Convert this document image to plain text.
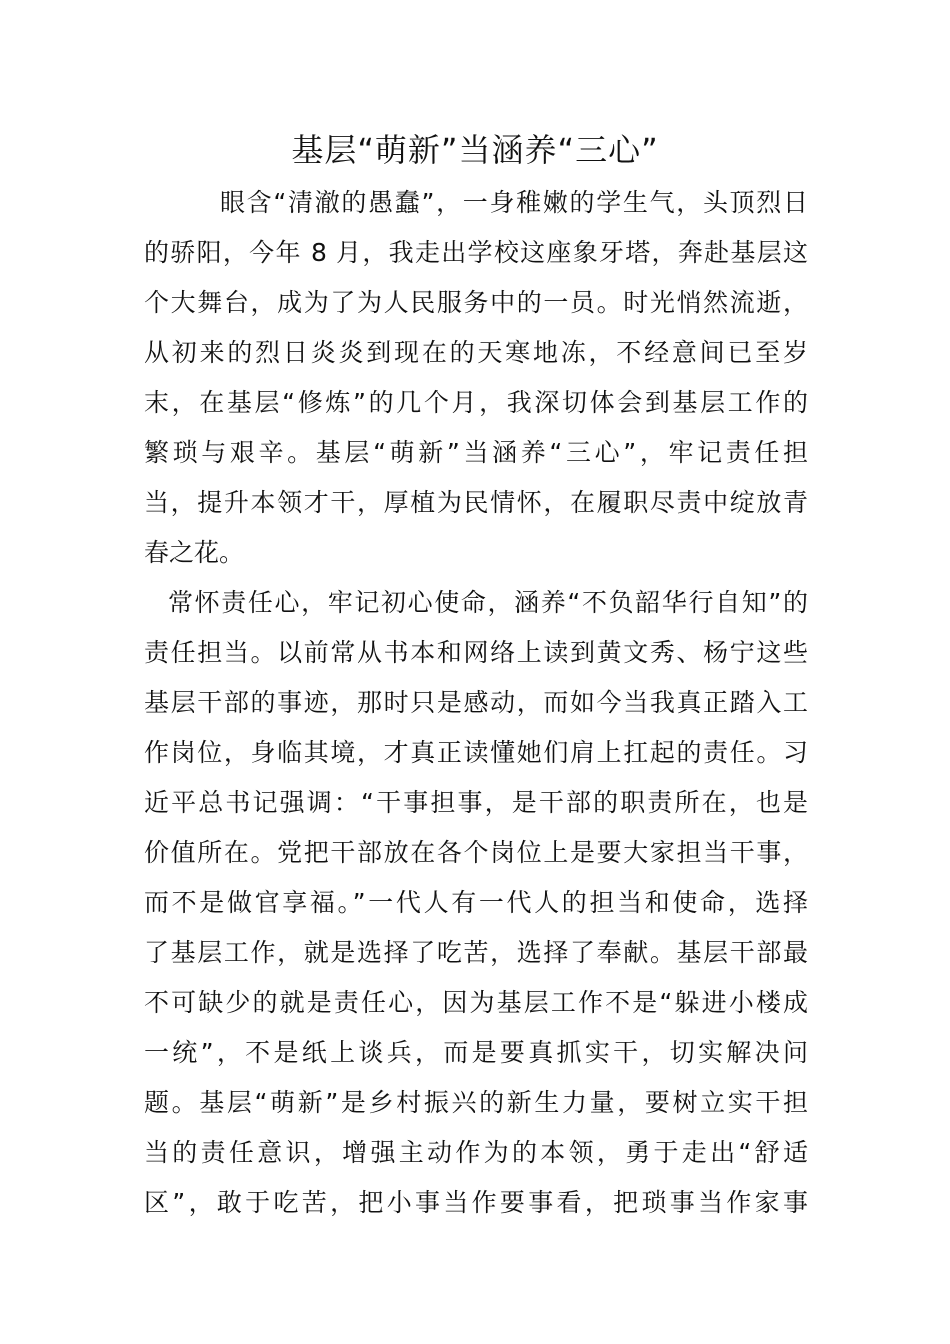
基层“萌新”当涵养“三心”
眼含“清澈的愚蠢”，一身稚嫩的学生气，头顶烈日
的骄阳，今年 8 月，我走出学校这座象牙塔，奔赴基层这
个大舞台，成为了为人民服务中的一员。时光悄然流逝，
从初来的烈日炎炎到现在的天寒地冻，不经意间已至岁
末，在基层“修炼”的几个月，我深切体会到基层工作的
繁琐与艰辛。基层“萌新”当涵养“三心”，牢记责任担
当，提升本领才干，厚植为民情怀，在履职尽责中绽放青
春之花。
常怀责任心，牢记初心使命，涵养“不负韶华行自知”的
责任担当。以前常从书本和网络上读到黄文秀、杨宁这些
基层干部的事迹，那时只是感动，而如今当我真正踏入工
作岗位，身临其境，才真正读懂她们肩上扛起的责任。习
近平总书记强调：“干事担事，是干部的职责所在，也是
价值所在。党把干部放在各个岗位上是要大家担当干事，
而不是做官享福。”一代人有一代人的担当和使命，选择
了基层工作，就是选择了吃苦，选择了奉献。基层干部最
不可缺少的就是责任心，因为基层工作不是“躲进小楼成
一统”，不是纸上谈兵，而是要真抓实干，切实解决问
题。基层“萌新”是乡村振兴的新生力量，要树立实干担
当的责任意识，增强主动作为的本领，勇于走出“舒适
区”，敢于吃苦，把小事当作要事看，把琐事当作家事
